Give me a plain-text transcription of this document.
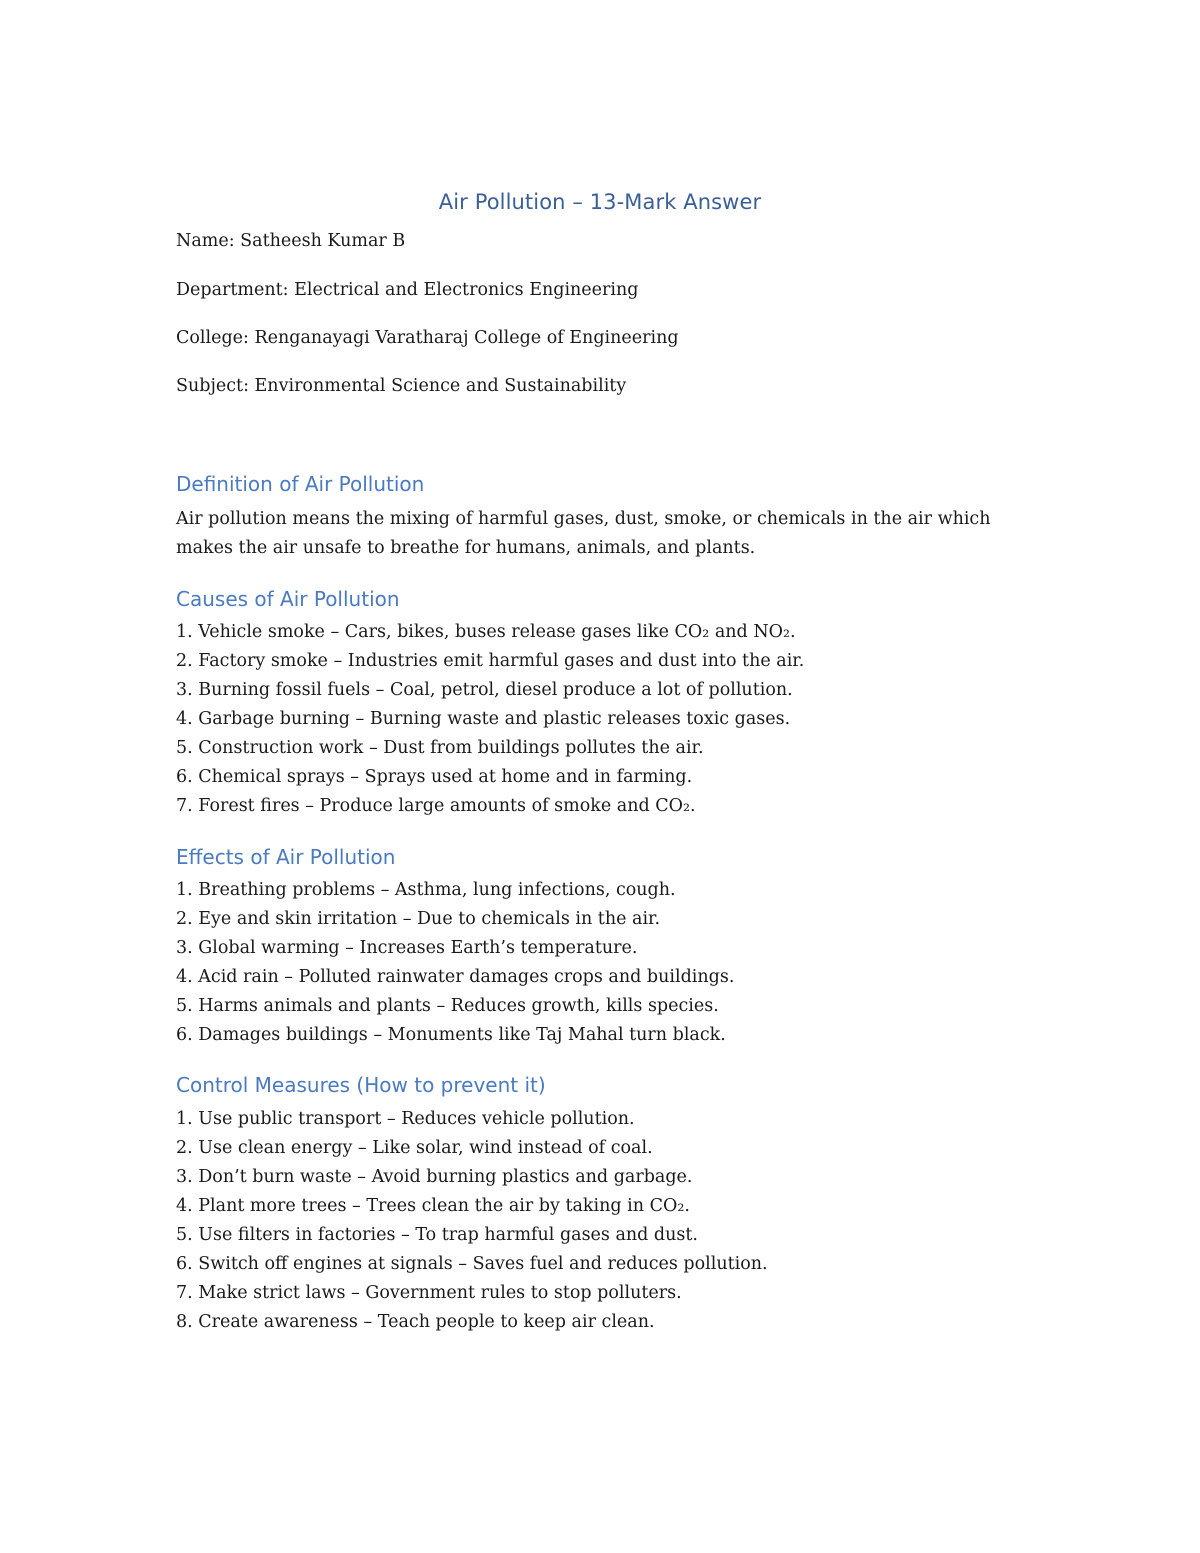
Air Pollution – 13-Mark Answer
Name: Satheesh Kumar B
Department: Electrical and Electronics Engineering
College: Renganayagi Varatharaj College of Engineering
Subject: Environmental Science and Sustainability
Definition of Air Pollution
Air pollution means the mixing of harmful gases, dust, smoke, or chemicals in the air which makes the air unsafe to breathe for humans, animals, and plants.
Causes of Air Pollution
1. Vehicle smoke – Cars, bikes, buses release gases like CO₂ and NO₂.
2. Factory smoke – Industries emit harmful gases and dust into the air.
3. Burning fossil fuels – Coal, petrol, diesel produce a lot of pollution.
4. Garbage burning – Burning waste and plastic releases toxic gases.
5. Construction work – Dust from buildings pollutes the air.
6. Chemical sprays – Sprays used at home and in farming.
7. Forest fires – Produce large amounts of smoke and CO₂.
Effects of Air Pollution
1. Breathing problems – Asthma, lung infections, cough.
2. Eye and skin irritation – Due to chemicals in the air.
3. Global warming – Increases Earth’s temperature.
4. Acid rain – Polluted rainwater damages crops and buildings.
5. Harms animals and plants – Reduces growth, kills species.
6. Damages buildings – Monuments like Taj Mahal turn black.
Control Measures (How to prevent it)
1. Use public transport – Reduces vehicle pollution.
2. Use clean energy – Like solar, wind instead of coal.
3. Don’t burn waste – Avoid burning plastics and garbage.
4. Plant more trees – Trees clean the air by taking in CO₂.
5. Use filters in factories – To trap harmful gases and dust.
6. Switch off engines at signals – Saves fuel and reduces pollution.
7. Make strict laws – Government rules to stop polluters.
8. Create awareness – Teach people to keep air clean.
